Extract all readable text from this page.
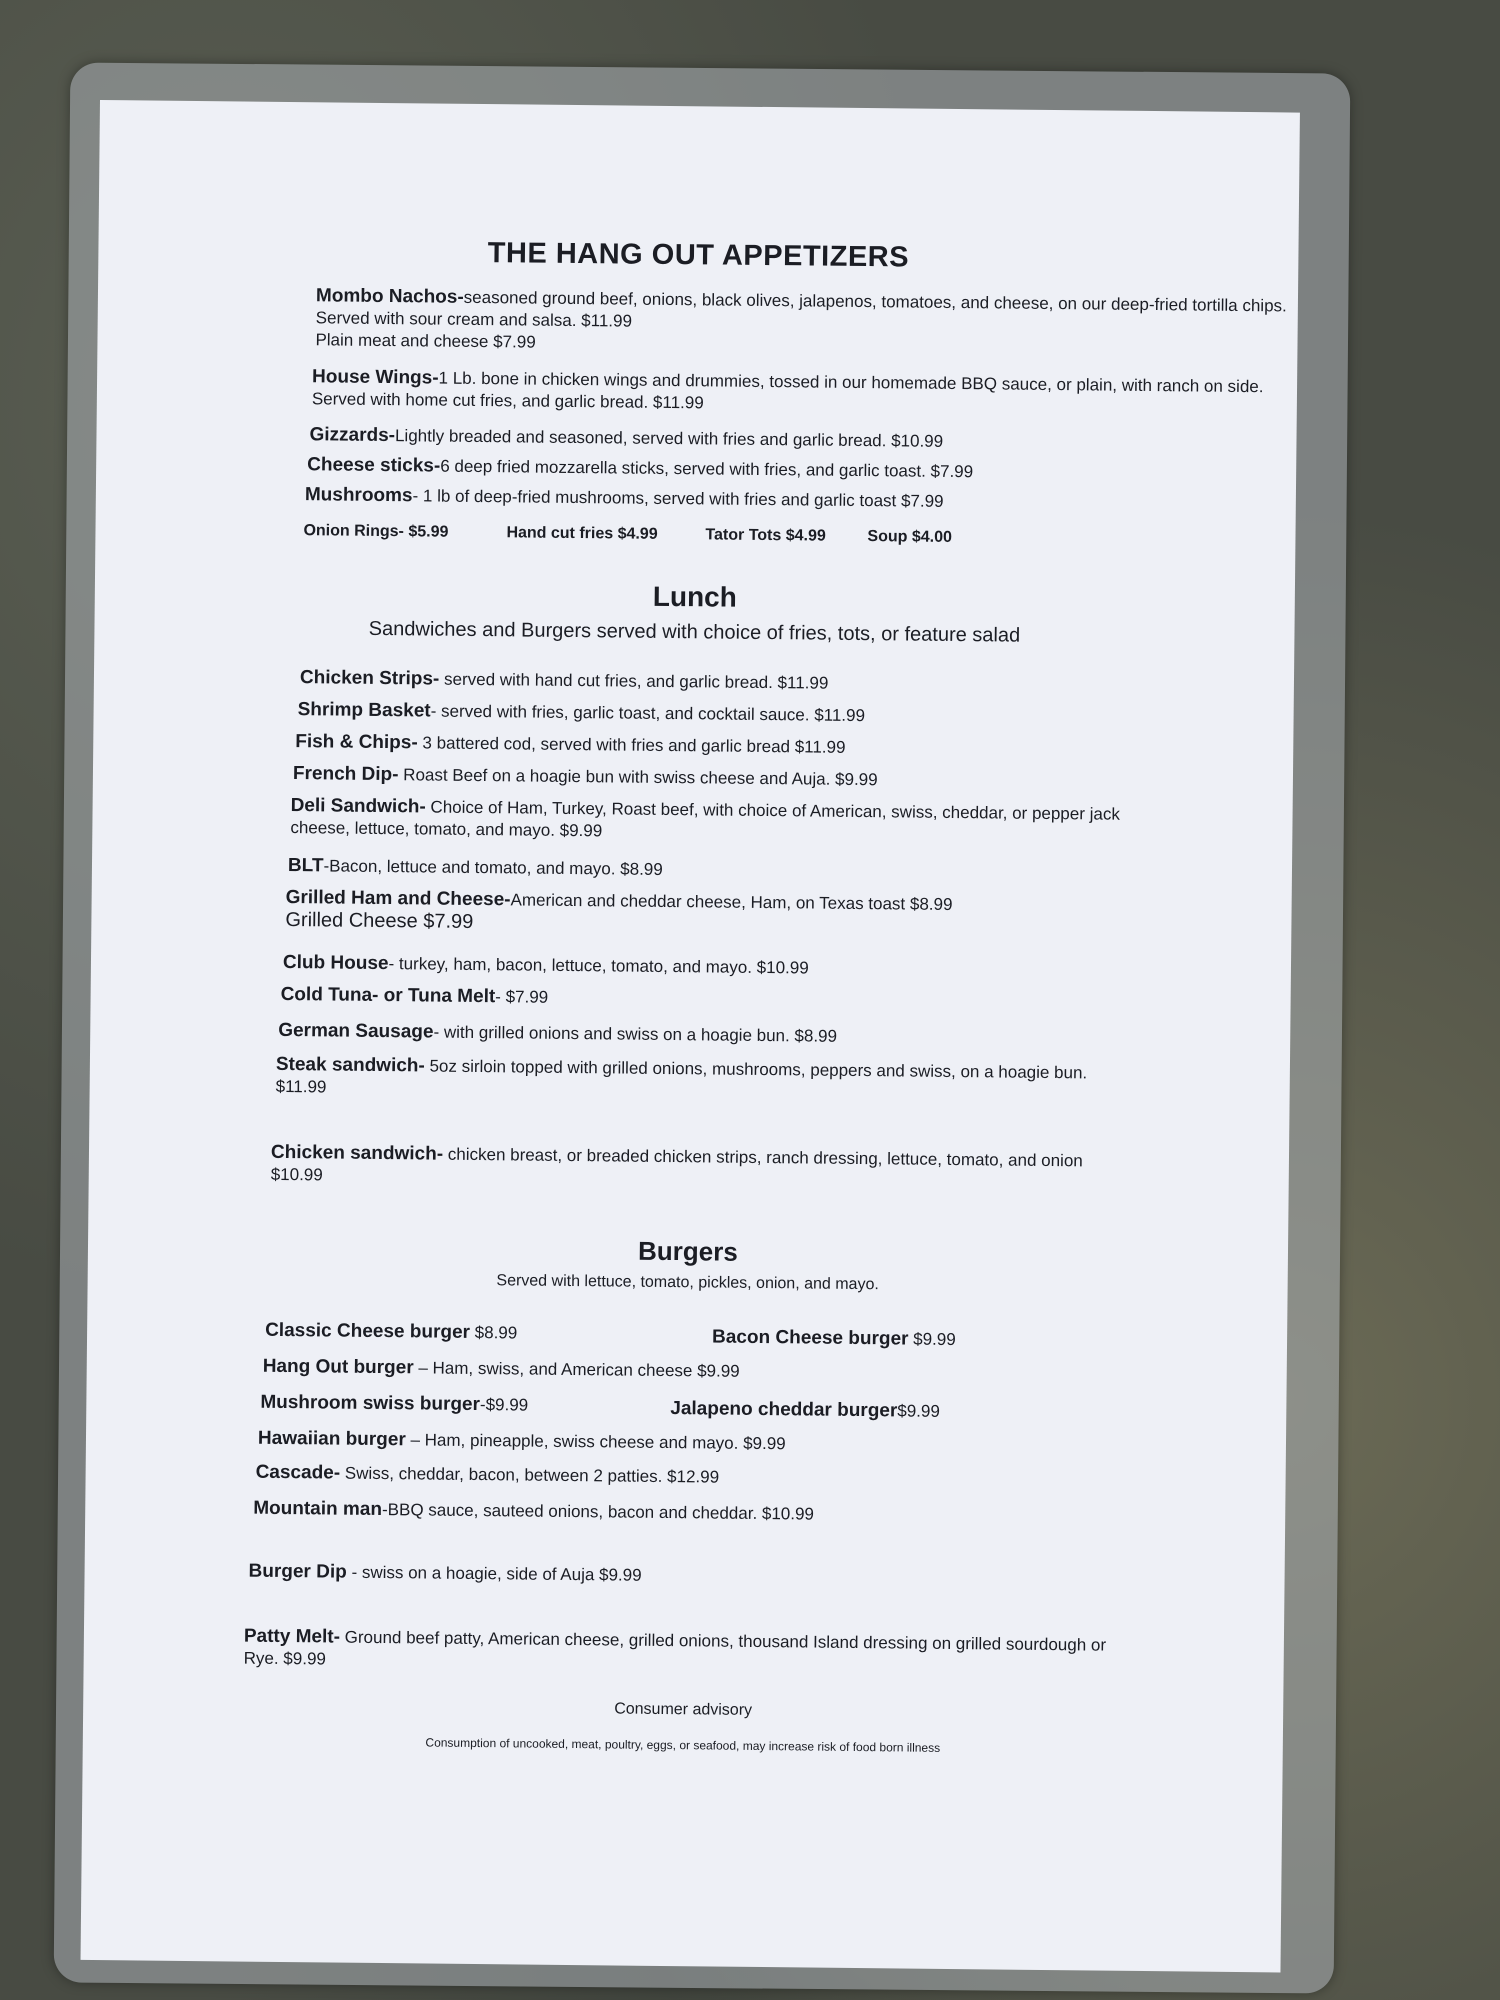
THE HANG OUT APPETIZERS
Mombo Nachos-seasoned ground beef, onions, black olives, jalapenos, tomatoes, and cheese, on our deep-fried tortilla chips. Served with sour cream and salsa. $11.99
Plain meat and cheese $7.99
House Wings-1 Lb. bone in chicken wings and drummies, tossed in our homemade BBQ sauce, or plain, with ranch on side. Served with home cut fries, and garlic bread. $11.99
Gizzards-Lightly breaded and seasoned, served with fries and garlic bread. $10.99
Cheese sticks-6 deep fried mozzarella sticks, served with fries, and garlic toast. $7.99
Mushrooms- 1 lb of deep-fried mushrooms, served with fries and garlic toast $7.99
Onion Rings- $5.99	Hand cut fries $4.99	Tator Tots $4.99	Soup $4.00
Lunch
Sandwiches and Burgers served with choice of fries, tots, or feature salad
Chicken Strips- served with hand cut fries, and garlic bread. $11.99
Shrimp Basket- served with fries, garlic toast, and cocktail sauce. $11.99
Fish & Chips- 3 battered cod, served with fries and garlic bread $11.99
French Dip- Roast Beef on a hoagie bun with swiss cheese and Auja. $9.99
Deli Sandwich- Choice of Ham, Turkey, Roast beef, with choice of American, swiss, cheddar, or pepper jack cheese, lettuce, tomato, and mayo. $9.99
BLT-Bacon, lettuce and tomato, and mayo. $8.99
Grilled Ham and Cheese-American and cheddar cheese, Ham, on Texas toast $8.99
Grilled Cheese $7.99
Club House- turkey, ham, bacon, lettuce, tomato, and mayo. $10.99
Cold Tuna- or Tuna Melt- $7.99
German Sausage- with grilled onions and swiss on a hoagie bun. $8.99
Steak sandwich- 5oz sirloin topped with grilled onions, mushrooms, peppers and swiss, on a hoagie bun. $11.99
Chicken sandwich- chicken breast, or breaded chicken strips, ranch dressing, lettuce, tomato, and onion $10.99
Burgers
Served with lettuce, tomato, pickles, onion, and mayo.
Classic Cheese burger $8.99	Bacon Cheese burger $9.99
Hang Out burger – Ham, swiss, and American cheese $9.99
Mushroom swiss burger-$9.99	Jalapeno cheddar burger$9.99
Hawaiian burger – Ham, pineapple, swiss cheese and mayo. $9.99
Cascade- Swiss, cheddar, bacon, between 2 patties. $12.99
Mountain man-BBQ sauce, sauteed onions, bacon and cheddar. $10.99
Burger Dip - swiss on a hoagie, side of Auja $9.99
Patty Melt- Ground beef patty, American cheese, grilled onions, thousand Island dressing on grilled sourdough or Rye. $9.99
Consumer advisory
Consumption of uncooked, meat, poultry, eggs, or seafood, may increase risk of food born illness
